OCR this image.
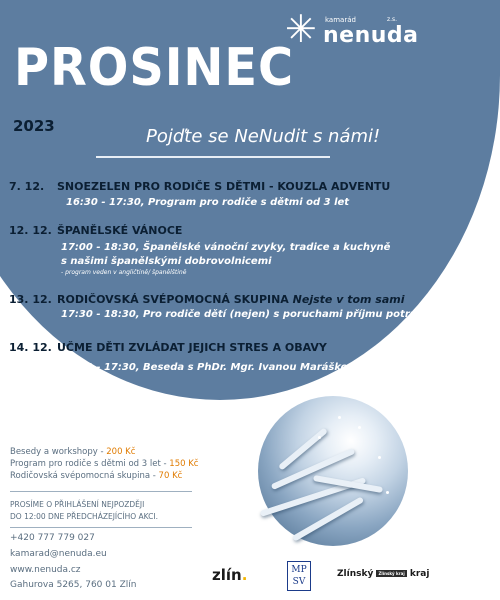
✳ kamarád	z.s.
nenuda
PROSINEC
2023	Pojďte se NeNudit s námi!
7. 12. SNOEZELEN PRO RODIČE S DĚTMI - KOUZLA ADVENTU
16:30 - 17:30, Program pro rodiče s dětmi od 3 let
12. 12. ŠPANĚLSKÉ VÁNOCE
17:00 - 18:30, Španělské vánoční zvyky, tradice a kuchyně
s našimi španělskými dobrovolnicemi
- program veden v angličtině/ španělštině
13. 12. RODIČOVSKÁ SVÉPOMOCNÁ SKUPINA Nejste v tom sami
17:30 - 18:30, Pro rodiče dětí (nejen) s poruchami příjmu potravy
14. 12. UČME DĚTI ZVLÁDAT JEJICH STRES A OBAVY
16:00 - 17:30, Beseda s PhDr. Mgr. Ivanou Maráškovou
Besedy a workshopy - 200 Kč
Program pro rodiče s dětmi od 3 let - 150 Kč
Rodičovská svépomocná skupina - 70 Kč
PROSÍME O PŘIHLÁŠENÍ NEJPOZDĚJI
DO 12:00 DNE PŘEDCHÁZEJÍCÍHO AKCI.
+420 777 779 027
kamarad@nenuda.eu
www.nenuda.cz
Gahurova 5265, 760 01 Zlín
zlín.	MP
SV
Zlínský Zlínský kraj kraj
